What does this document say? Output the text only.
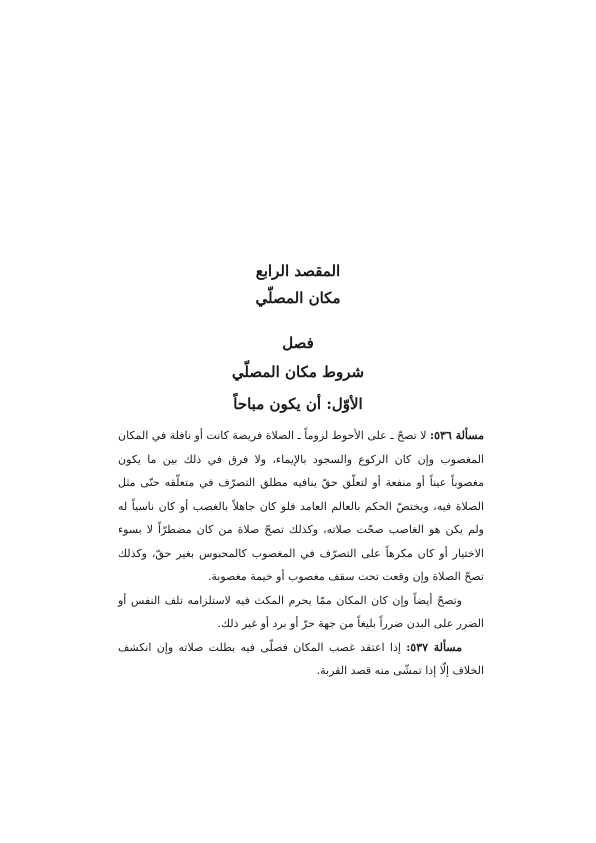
المقصد الرابع
مكان المصلّي
فصل
شروط مكان المصلّي
الأوّل: أن يكون مباحاً

مسألة ٥٣٦: لا تصحّ ـ على الأحوط لزوماً ـ الصلاة فريضة كانت أو نافلة في المكان المغصوب وإن كان الركوع والسجود بالإيماء، ولا فرق في ذلك بين ما يكون مغصوباً عيناً أو منفعة أو لتعلّق حقّ ينافيه مطلق التصرّف في متعلّقه حتّى مثل الصلاة فيه، ويختصّ الحكم بالعالم العامد فلو كان جاهلاً بالغصب أو كان ناسياً له ولم يكن هو الغاصب صحّت صلاته، وكذلك تصحّ صلاة من كان مضطرّاً لا بسوء الاختيار أو كان مكرهاً على التصرّف في المغصوب كالمحبوس بغير حقّ، وكذلك تصحّ الصلاة وإن وقعت تحت سقف مغصوب أو خيمة مغصوبة.

وتصحّ أيضاً وإن كان المكان ممّا يحرم المكث فيه لاستلزامه تلف النفس أو الضرر على البدن ضرراً بليغاً من جهة حرّ أو برد أو غير ذلك.

مسألة ٥٣٧: إذا اعتقد غصب المكان فصلّى فيه بطلت صلاته وإن انكشف الخلاف إلّا إذا تمشّى منه قصد القربة.
